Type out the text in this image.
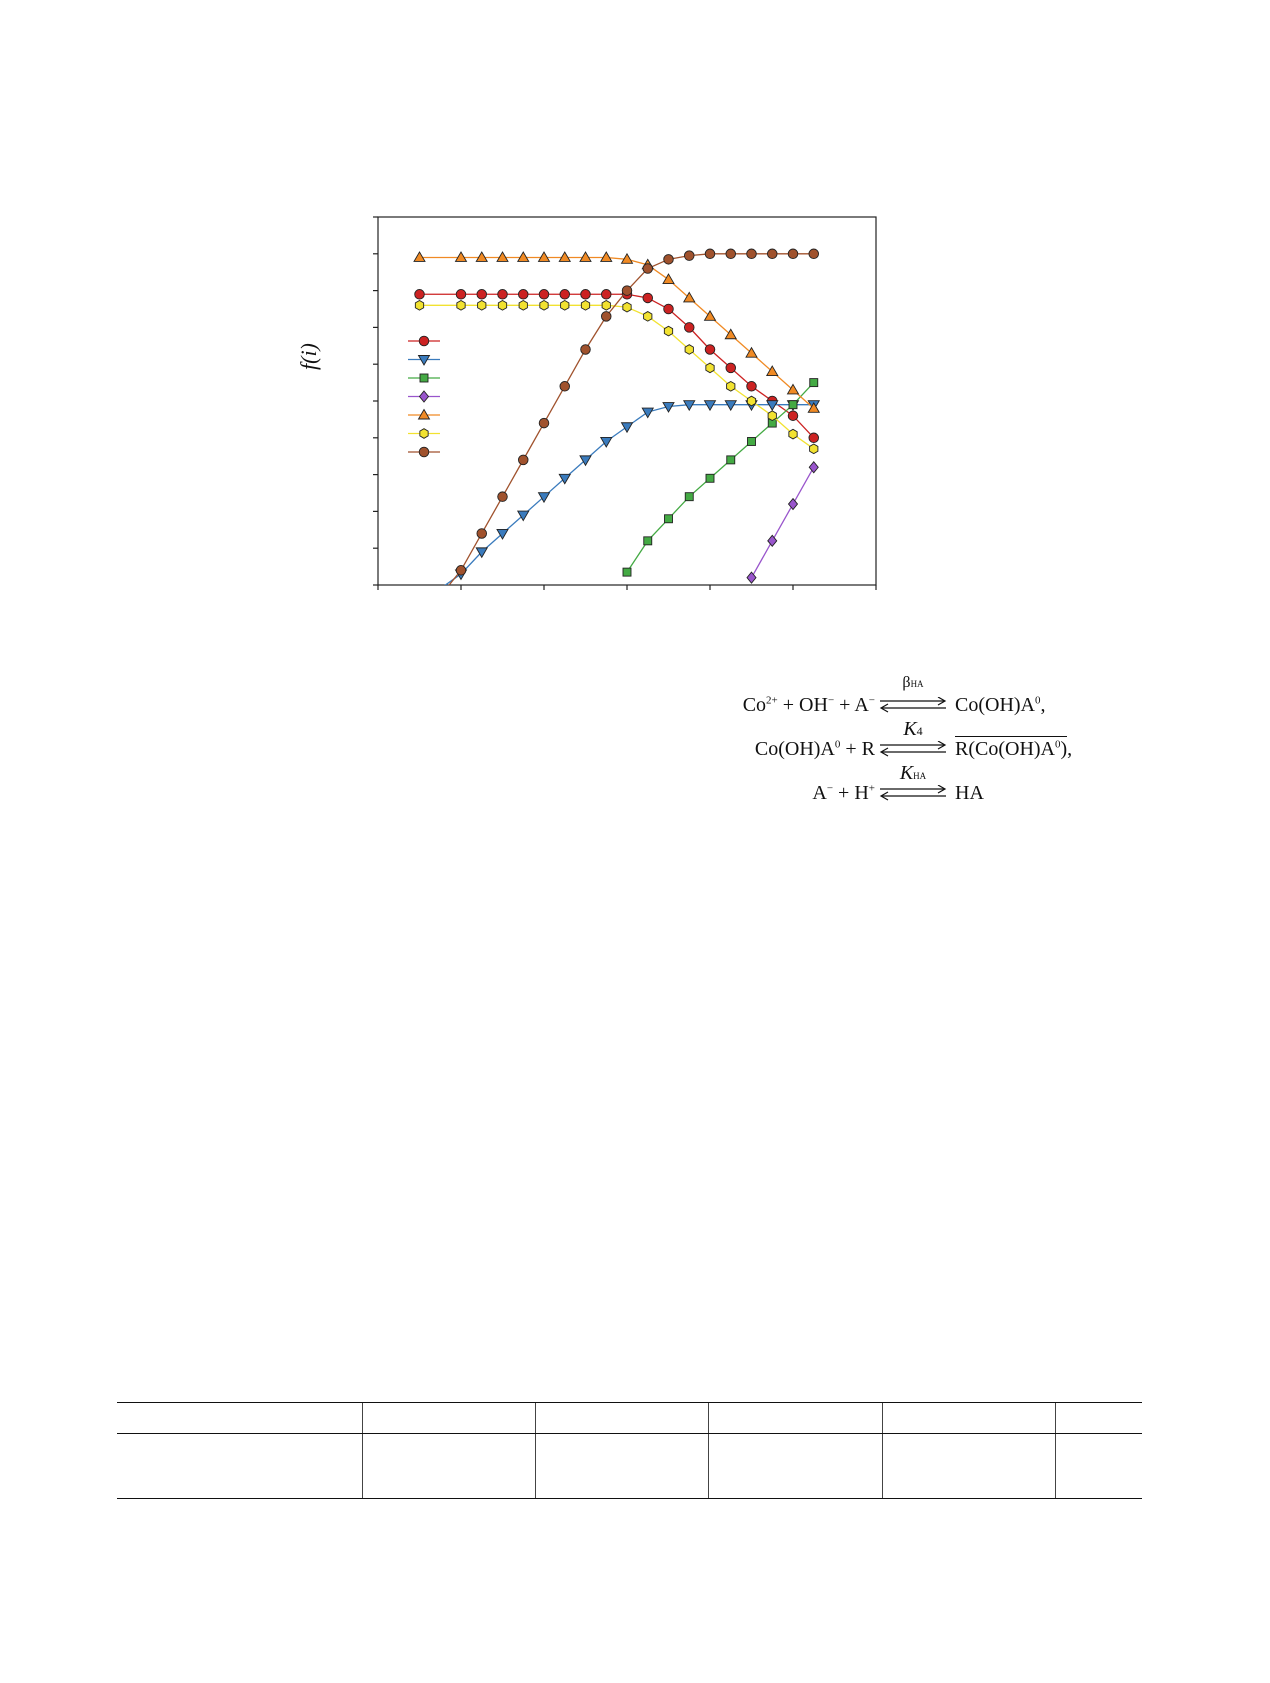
f(i)
$Co^{2+} + OH^- + A^-$
βHA
⇌ $Co(OH)A^0$,
$Co(OH)A^0 + R$
K4
⇌ $R(Co(OH)A^0)$,
A− + H+
KHA
⇌ HA
